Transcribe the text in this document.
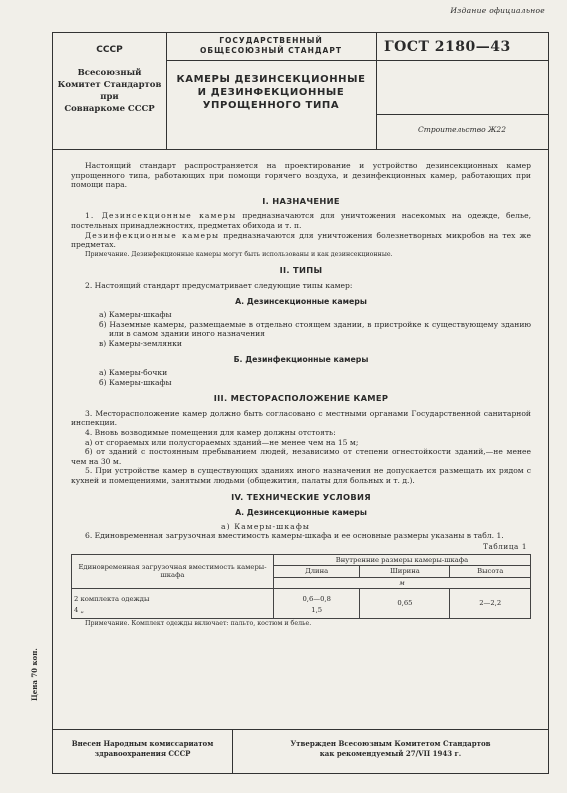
Издание официальное
СССР
Всесоюзный
Комитет Стандартов
при
Совнаркоме СССР
ГОСУДАРСТВЕННЫЙ
ОБЩЕСОЮЗНЫЙ СТАНДАРТ
КАМЕРЫ ДЕЗИНСЕКЦИОННЫЕ
И ДЕЗИНФЕКЦИОННЫЕ
УПРОЩЕННОГО ТИПА
ГОСТ 2180—43
Строительство Ж22

Настоящий стандарт распространяется на проектирование и устройство дезинсекционных камер упрощенного типа, работающих при помощи горячего воздуха, и дезинфекционных камер, работающих при помощи пара.

I. НАЗНАЧЕНИЕ

1. Дезинсекционные камеры предназначаются для уничтожения насекомых на одежде, белье, постельных принадлежностях, предметах обихода и т. п.

Дезинфекционные камеры предназначаются для уничтожения болезнетворных микробов на тех же предметах.

Примечание. Дезинфекционные камеры могут быть использованы и как дезинсекционные.

II. ТИПЫ

2. Настоящий стандарт предусматривает следующие типы камер:

А. Дезинсекционные камеры

а) Камеры-шкафы

б) Наземные камеры, размещаемые в отдельно стоящем здании, в пристройке к существующему зданию или в самом здании иного назначения

в) Камеры-землянки

Б. Дезинфекционные камеры

а) Камеры-бочки

б) Камеры-шкафы

III. МЕСТОРАСПОЛОЖЕНИЕ КАМЕР

3. Месторасположение камер должно быть согласовано с местными органами Государственной санитарной инспекции.

4. Вновь возводимые помещения для камер должны отстоять:

а) от сгораемых или полусгораемых зданий—не менее чем на 15 м;

б) от зданий с постоянным пребыванием людей, независимо от степени огнестойкости зданий,—не менее чем на 30 м.

5. При устройстве камер в существующих зданиях иного назначения не допускается размещать их рядом с кухней и помещениями, занятыми людьми (общежития, палаты для больных и т. д.).

IV. ТЕХНИЧЕСКИЕ УСЛОВИЯ
А. Дезинсекционные камеры

а) Камеры-шкафы

6. Единовременная загрузочная вместимость камеры-шкафа и ее основные размеры указаны в табл. 1.

Таблица 1
Единовременная загрузочная вместимость камеры-шкафа	Внутренние размеры камеры-шкафа		
	Длина	Ширина	Высота
	м		
2 комплекта одежды	0,6—0,8	0,65	2—2,2
4 „	1,5		

Примечание. Комплект одежды включает: пальто, костюм и белье.

Внесен Народным комиссариатом
здравоохранения СССР
Утвержден Всесоюзным Комитетом Стандартов
как рекомендуемый 27/VII 1943 г.
Цена 70 коп.
